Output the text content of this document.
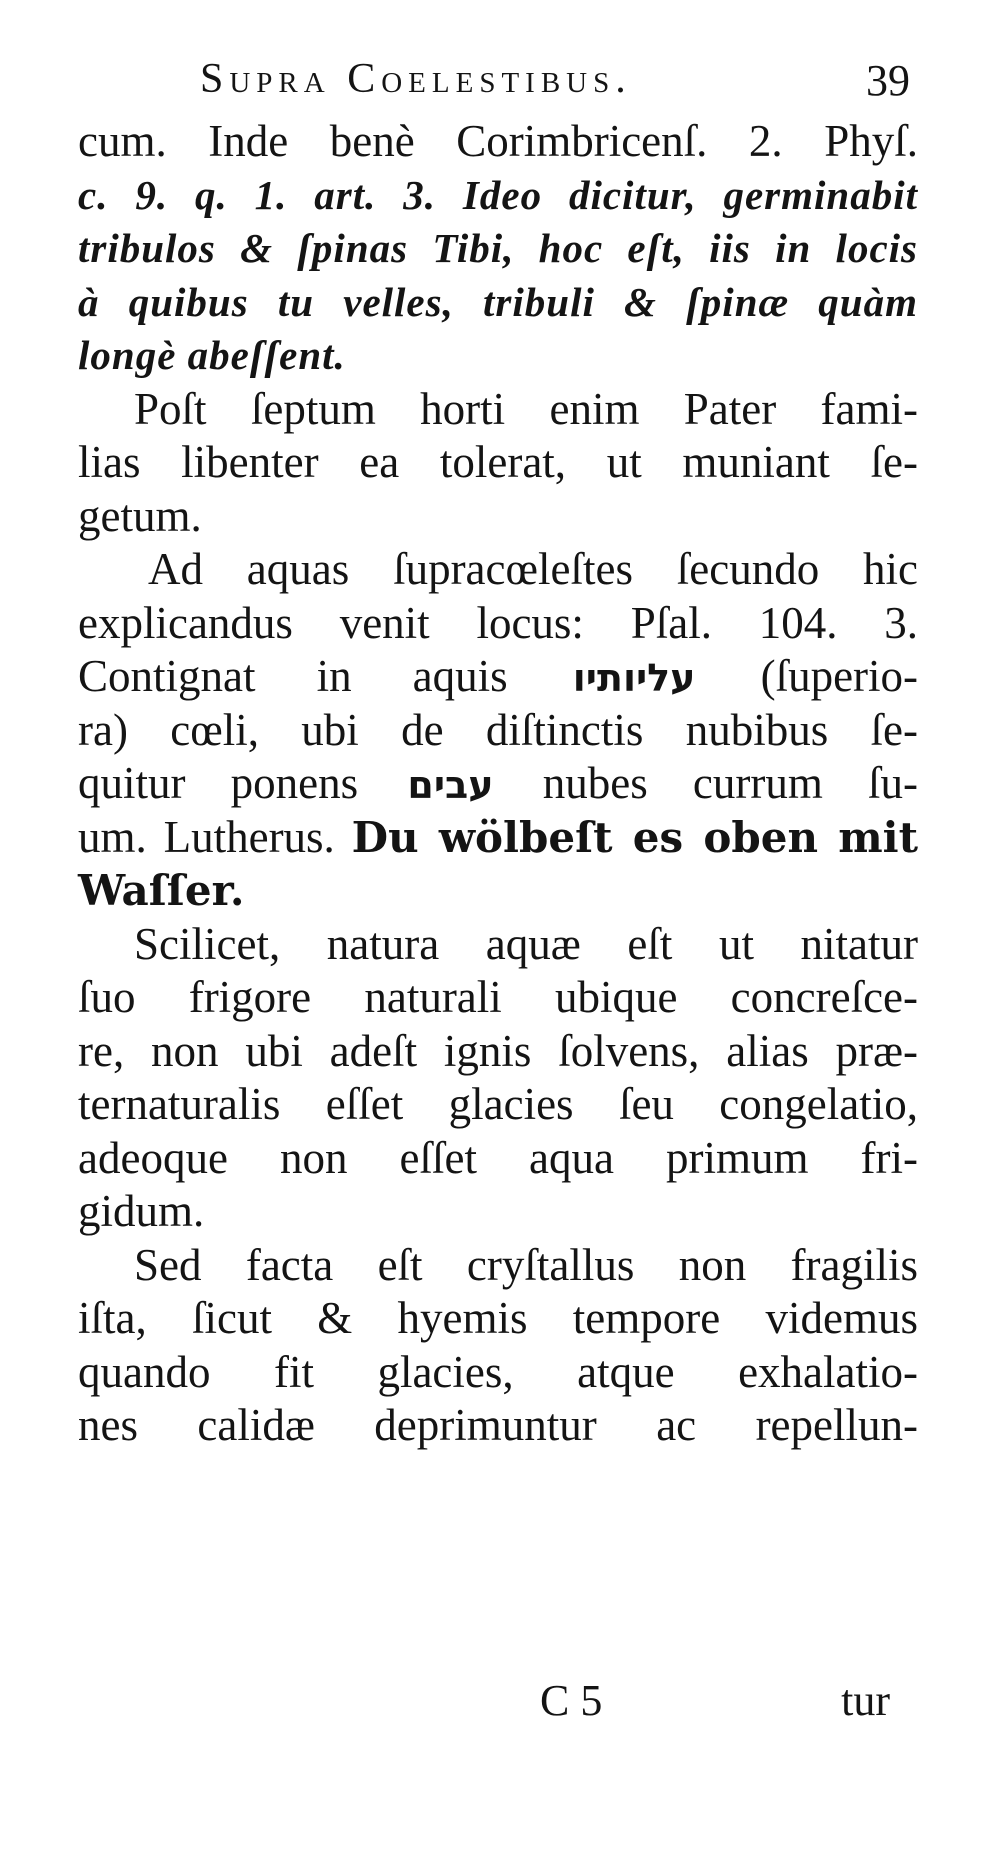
Supra Coelestibus.	39
cum. Inde benè Corimbricenſ. 2. Phyſ.
c. 9. q. 1. art. 3. Ideo dicitur, germinabit
tribulos & ſpinas Tibi, hoc eſt, iis in locis
à quibus tu velles, tribuli & ſpinæ quàm
longè abeſſent.
Poſt ſeptum horti enim Pater fami-
lias libenter ea tolerat, ut muniant ſe-
getum.
Ad aquas ſupracœleſtes ſecundo hic
explicandus venit locus: Pſal. 104. 3.
Contignat in aquis עליותיו (ſuperio-
ra) cœli, ubi de diſtinctis nubibus ſe-
quitur ponens עבים nubes currum ſu-
um. Lutherus. Du wölbeſt es oben mit
Waſſer.
Scilicet, natura aquæ eſt ut nitatur
ſuo frigore naturali ubique concreſce-
re, non ubi adeſt ignis ſolvens, alias præ-
ternaturalis eſſet glacies ſeu congelatio,
adeoque non eſſet aqua primum fri-
gidum.
Sed facta eſt cryſtallus non fragilis
iſta, ſicut & hyemis tempore videmus
quando fit glacies, atque exhalatio-
nes calidæ deprimuntur ac repellun-
C 5	tur
